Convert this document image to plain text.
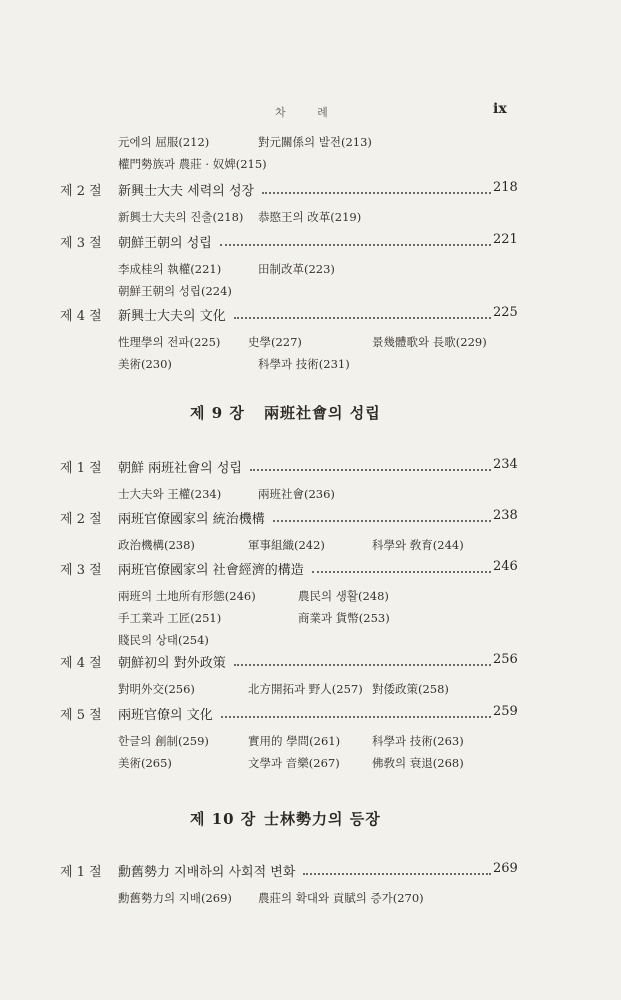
차 례	ix
元에의 屈服(212)	對元關係의 발전(213)
權門勢族과 農莊 · 奴婢(215)
제 9 장 兩班社會의 성립
제 10 장 士林勢力의 등장
제 2 절 新興士大夫 세력의 성장	218
新興士大夫의 진출(218) 恭愍王의 改革(219)
제 3 절 朝鮮王朝의 성립	221
李成桂의 執權(221)	田制改革(223)
朝鮮王朝의 성립(224)
제 4 절 新興士大夫의 文化	225
性理學의 전파(225) 史學(227)	景幾體歌와 長歌(229)
美術(230)	科學과 技術(231)
제 1 절 朝鮮 兩班社會의 성립	234
士大夫와 王權(234)	兩班社會(236)
제 2 절 兩班官僚國家의 統治機構	238
政治機構(238)	軍事組織(242)	科學와 敎育(244)
제 3 절 兩班官僚國家의 社會經濟的構造	246
兩班의 土地所有形態(246)	農民의 생활(248)
手工業과 工匠(251)	商業과 貨幣(253)
賤民의 상태(254)
제 4 절 朝鮮初의 對外政策	256
對明外交(256)	北方開拓과 野人(257) 對倭政策(258)
제 5 절 兩班官僚의 文化	259
한글의 創制(259)	實用的 學問(261)	科學과 技術(263)
美術(265)	文學과 音樂(267)	佛敎의 衰退(268)
제 1 절 勳舊勢力 지배하의 사회적 변화	269
勳舊勢力의 지배(269) 農莊의 확대와 貢賦의 증가(270)
